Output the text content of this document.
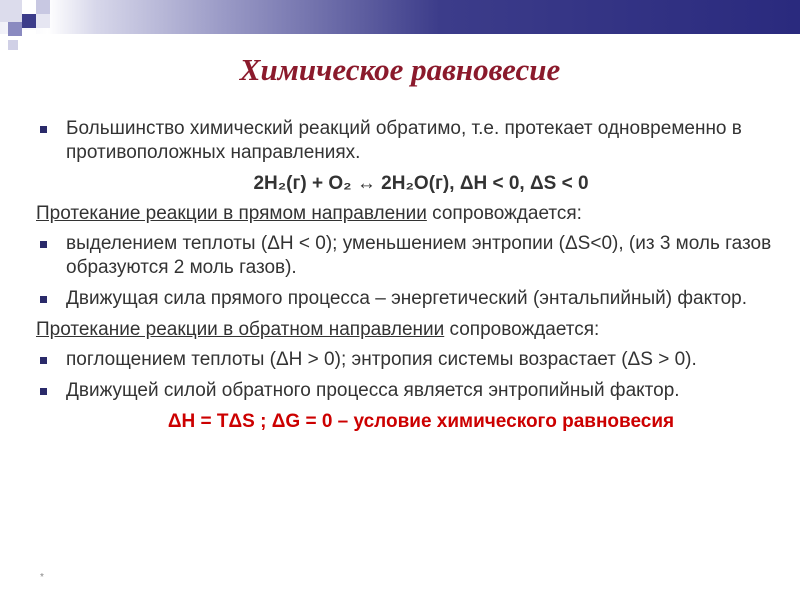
Химическое равновесие
Большинство химический реакций обратимо, т.е. протекает одновременно в противоположных направлениях.
2H₂(г) + O₂ ↔ 2H₂O(г), ΔH < 0, ΔS < 0
Протекание реакции в прямом направлении сопровождается:
выделением теплоты (ΔH < 0); уменьшением энтропии (ΔS<0), (из 3 моль газов образуются 2 моль газов).
Движущая сила прямого процесса – энергетический (энтальпийный) фактор.
Протекание реакции в обратном направлении сопровождается:
поглощением теплоты (ΔH > 0); энтропия системы возрастает (ΔS > 0).
Движущей силой обратного процесса является энтропийный фактор.
ΔH = TΔS ; ΔG = 0 – условие химического равновесия
*
